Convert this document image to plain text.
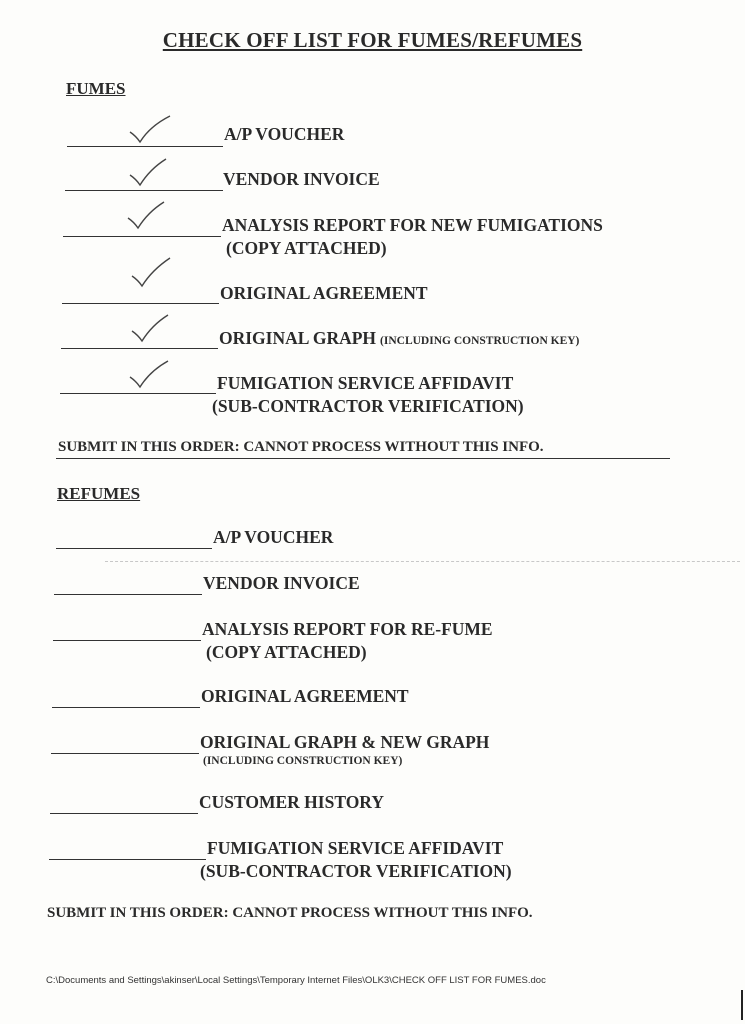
CHECK OFF LIST FOR FUMES/REFUMES
FUMES
A/P VOUCHER
VENDOR INVOICE
ANALYSIS REPORT FOR NEW FUMIGATIONS
(COPY ATTACHED)
ORIGINAL AGREEMENT
ORIGINAL GRAPH (INCLUDING CONSTRUCTION KEY)
FUMIGATION SERVICE AFFIDAVIT
(SUB-CONTRACTOR VERIFICATION)
SUBMIT IN THIS ORDER: CANNOT PROCESS WITHOUT THIS INFO.
REFUMES
A/P VOUCHER
VENDOR INVOICE
ANALYSIS REPORT FOR RE-FUME
(COPY ATTACHED)
ORIGINAL AGREEMENT
ORIGINAL GRAPH & NEW GRAPH
(INCLUDING CONSTRUCTION KEY)
CUSTOMER HISTORY
FUMIGATION SERVICE AFFIDAVIT
(SUB-CONTRACTOR VERIFICATION)
SUBMIT IN THIS ORDER: CANNOT PROCESS WITHOUT THIS INFO.
C:\Documents and Settings\akinser\Local Settings\Temporary Internet Files\OLK3\CHECK OFF LIST FOR FUMES.doc
